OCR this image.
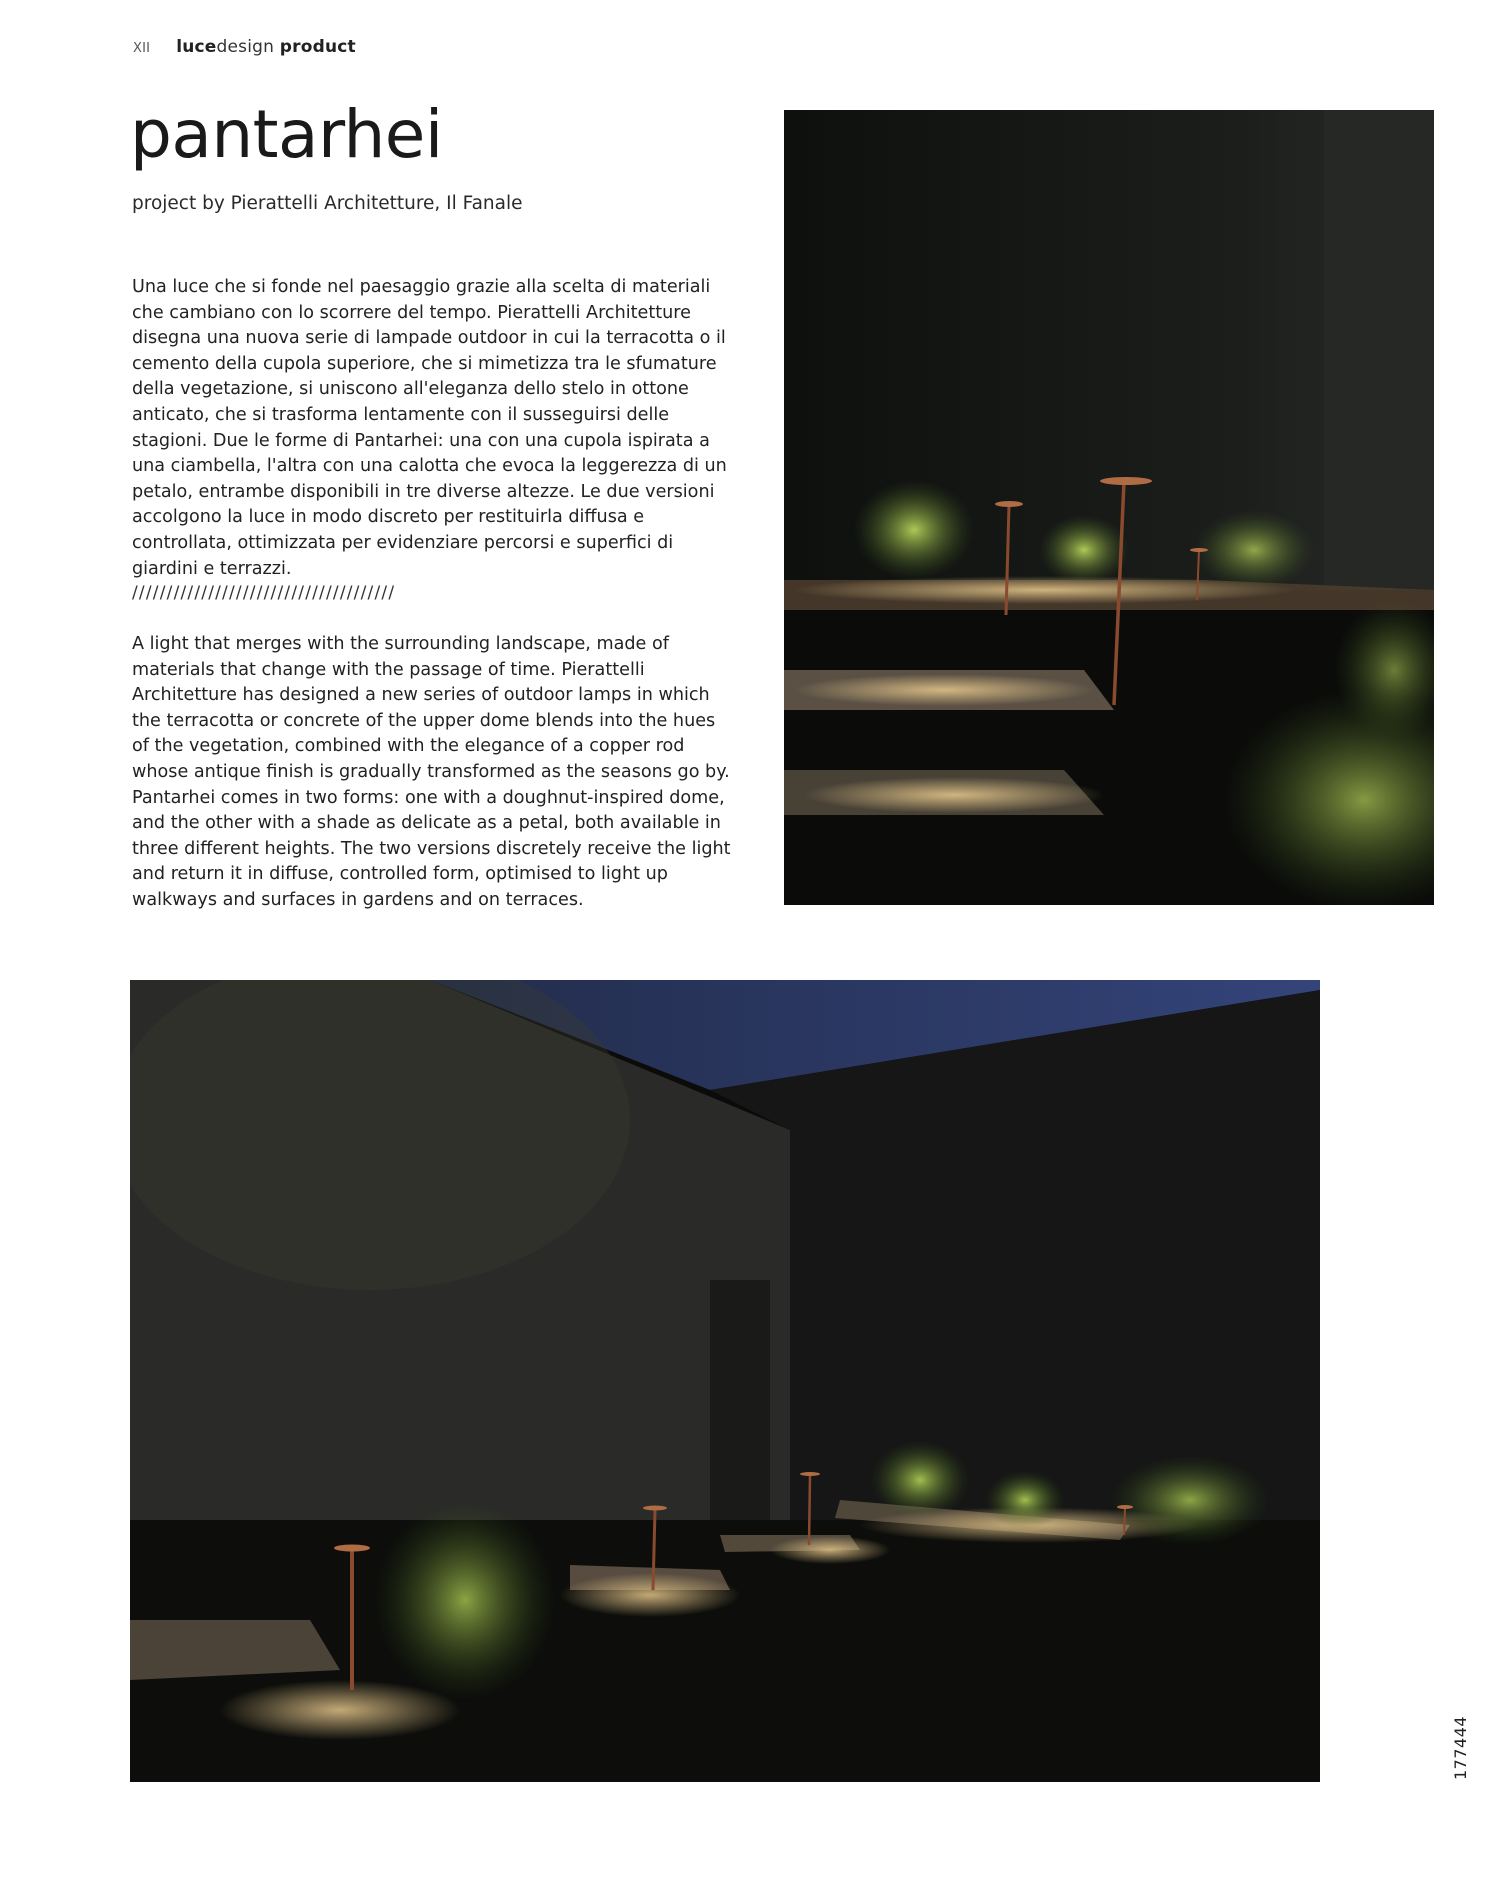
XII lucedesign product
pantarhei
project by Pierattelli Architetture, Il Fanale

Una luce che si fonde nel paesaggio grazie alla scelta di materiali che cambiano con lo scorrere del tempo. Pierattelli Architetture disegna una nuova serie di lampade outdoor in cui la terracotta o il cemento della cupola superiore, che si mimetizza tra le sfumature della vegetazione, si uniscono all'eleganza dello stelo in ottone anticato, che si trasforma lentamente con il susseguirsi delle stagioni. Due le forme di Pantarhei: una con una cupola ispirata a una ciambella, l'altra con una calotta che evoca la leggerezza di un petalo, entrambe disponibili in tre diverse altezze. Le due versioni accolgono la luce in modo discreto per restituirla diffusa e controllata, ottimizzata per evidenziare percorsi e superfici di giardini e terrazzi.

//////////////////////////////////////

A light that merges with the surrounding landscape, made of materials that change with the passage of time. Pierattelli Architetture has designed a new series of outdoor lamps in which the terracotta or concrete of the upper dome blends into the hues of the vegetation, combined with the elegance of a copper rod whose antique finish is gradually transformed as the seasons go by. Pantarhei comes in two forms: one with a doughnut-inspired dome, and the other with a shade as delicate as a petal, both available in three different heights. The two versions discretely receive the light and return it in diffuse, controlled form, optimised to light up walkways and surfaces in gardens and on terraces.

177444
